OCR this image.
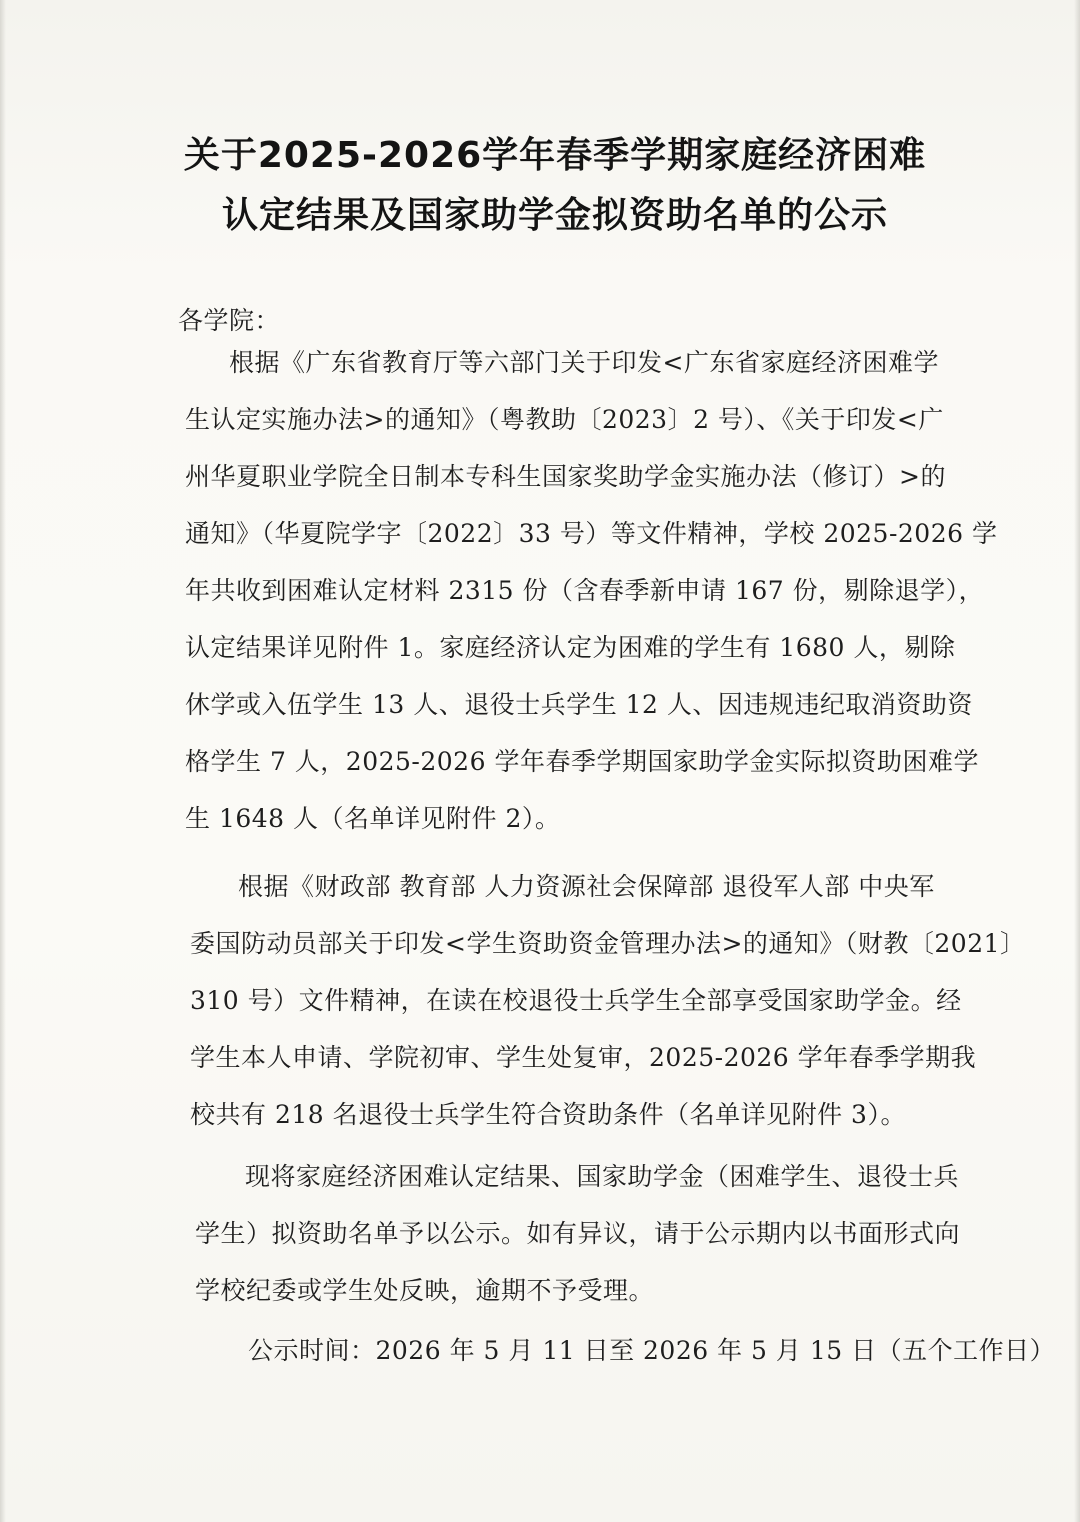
关于2025-2026学年春季学期家庭经济困难
认定结果及国家助学金拟资助名单的公示
各学院：
根据《广东省教育厅等六部门关于印发<广东省家庭经济困难学
生认定实施办法>的通知》（粤教助〔2023〕2 号）、《关于印发<广
州华夏职业学院全日制本专科生国家奖助学金实施办法（修订）>的
通知》（华夏院学字〔2022〕33 号）等文件精神，学校 2025-2026 学
年共收到困难认定材料 2315 份（含春季新申请 167 份，剔除退学），
认定结果详见附件 1。家庭经济认定为困难的学生有 1680 人，剔除
休学或入伍学生 13 人、退役士兵学生 12 人、因违规违纪取消资助资
格学生 7 人，2025-2026 学年春季学期国家助学金实际拟资助困难学
生 1648 人（名单详见附件 2）。
根据《财政部 教育部 人力资源社会保障部 退役军人部 中央军
委国防动员部关于印发<学生资助资金管理办法>的通知》（财教〔2021〕
310 号）文件精神，在读在校退役士兵学生全部享受国家助学金。经
学生本人申请、学院初审、学生处复审，2025-2026 学年春季学期我
校共有 218 名退役士兵学生符合资助条件（名单详见附件 3）。
现将家庭经济困难认定结果、国家助学金（困难学生、退役士兵
学生）拟资助名单予以公示。如有异议，请于公示期内以书面形式向
学校纪委或学生处反映，逾期不予受理。
公示时间：2026 年 5 月 11 日至 2026 年 5 月 15 日（五个工作日）
